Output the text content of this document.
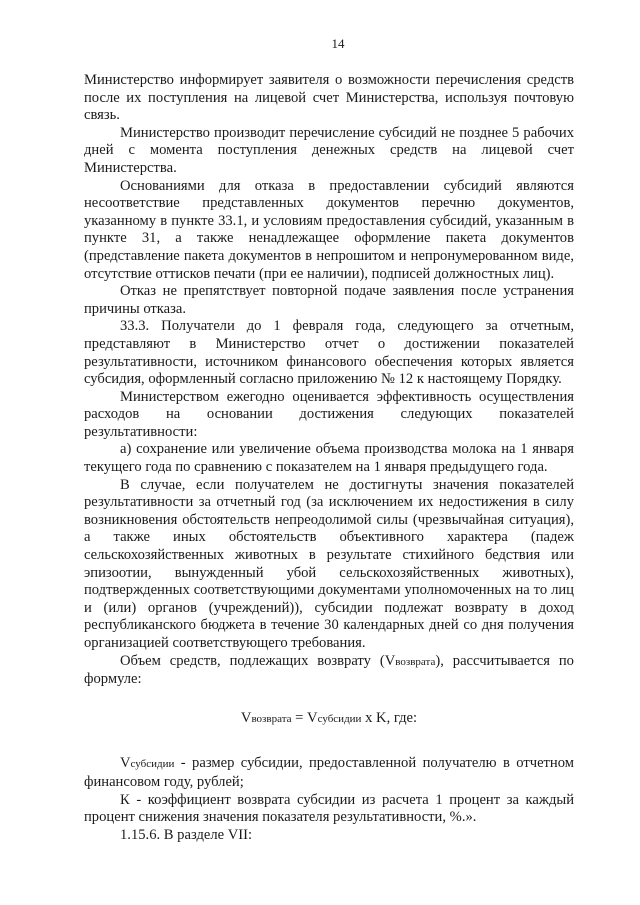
14

Министерство информирует заявителя о возможности перечисления средств после их поступления на лицевой счет Министерства, используя почтовую связь.

Министерство производит перечисление субсидий не позднее 5 рабочих дней с момента поступления денежных средств на лицевой счет Министерства.

Основаниями для отказа в предоставлении субсидий являются несоответствие представленных документов перечню документов, указанному в пункте 33.1, и условиям предоставления субсидий, указанным в пункте 31, а также ненадлежащее оформление пакета документов (представление пакета документов в непрошитом и непронумерованном виде, отсутствие оттисков печати (при ее наличии), подписей должностных лиц).

Отказ не препятствует повторной подаче заявления после устранения причины отказа.

33.3. Получатели до 1 февраля года, следующего за отчетным, представляют в Министерство отчет о достижении показателей результативности, источником финансового обеспечения которых является субсидия, оформленный согласно приложению № 12 к настоящему Порядку.

Министерством ежегодно оценивается эффективность осуществления расходов на основании достижения следующих показателей результативности:

а) сохранение или увеличение объема производства молока на 1 января текущего года по сравнению с показателем на 1 января предыдущего года.

В случае, если получателем не достигнуты значения показателей результативности за отчетный год (за исключением их недостижения в силу возникновения обстоятельств непреодолимой силы (чрезвычайная ситуация), а также иных обстоятельств объективного характера (падеж сельскохозяйственных животных в результате стихийного бедствия или эпизоотии, вынужденный убой сельскохозяйственных животных), подтвержденных соответствующими документами уполномоченных на то лиц и (или) органов (учреждений)), субсидии подлежат возврату в доход республиканского бюджета в течение 30 календарных дней со дня получения организацией соответствующего требования.

Объем средств, подлежащих возврату (Vвозврата), рассчитывается по формуле:

Vвозврата = Vсубсидии x K, где:

Vсубсидии - размер субсидии, предоставленной получателю в отчетном финансовом году, рублей;

К - коэффициент возврата субсидии из расчета 1 процент за каждый процент снижения значения показателя результативности, %.».

1.15.6. В разделе VII:
